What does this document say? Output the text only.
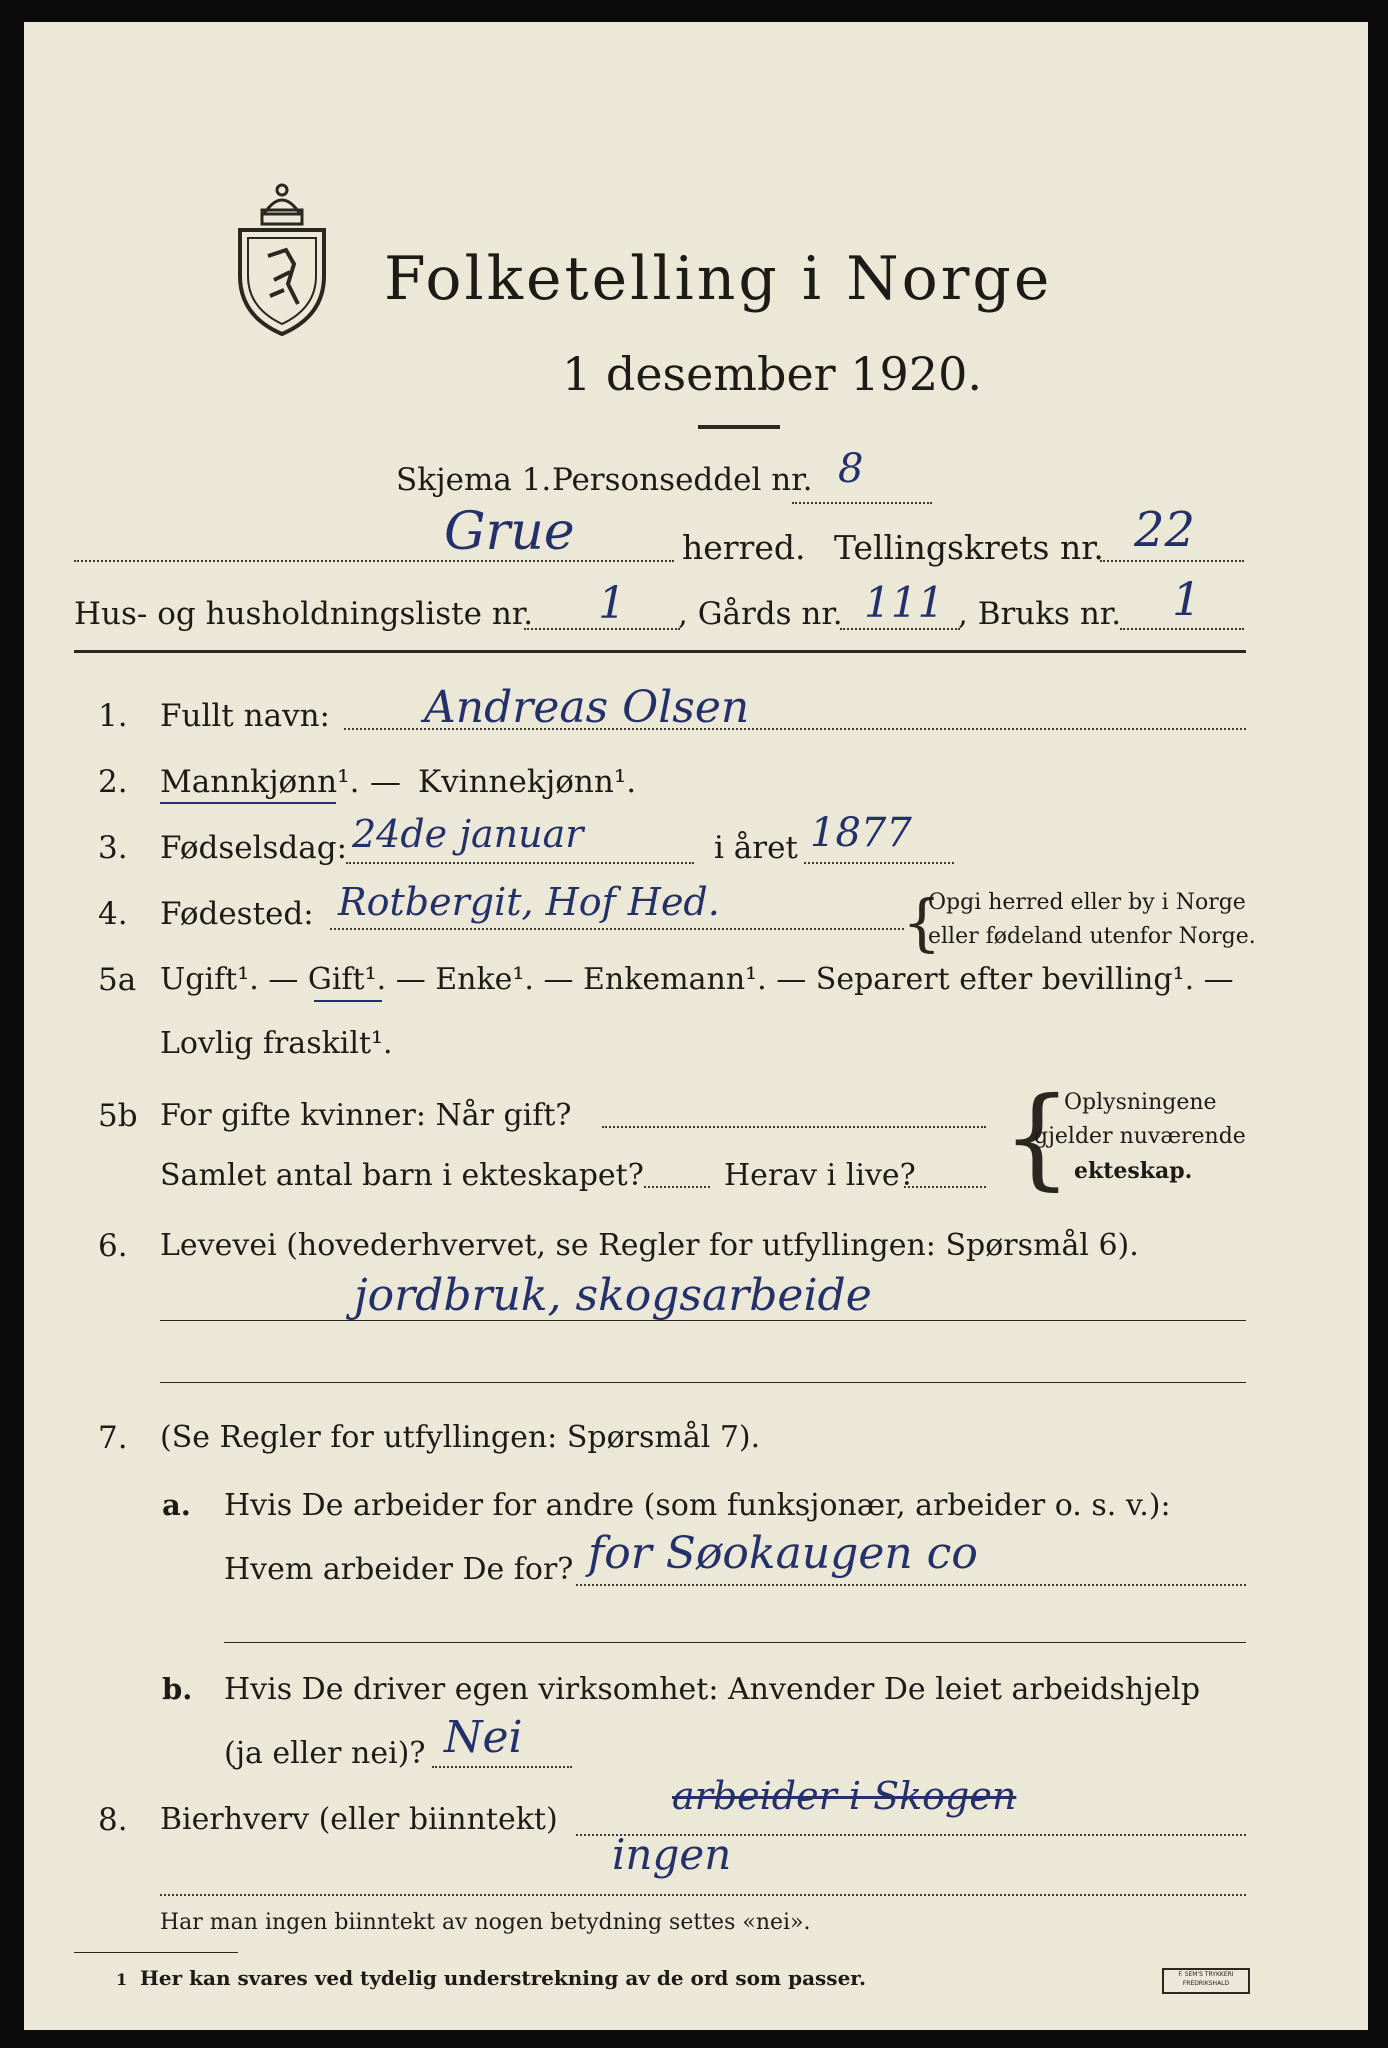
Folketelling i Norge
1 desember 1920.
Skjema 1. Personseddel nr. 8
Grue	herred. Tellingskrets nr. 22
Hus- og husholdningsliste nr. 1 , Gårds nr. 111 , Bruks nr. 1
1. Fullt navn: Andreas Olsen
2. Mannkjønn¹. — Kvinnekjønn¹.
3. Fødselsdag: 24de januar	i året 1877
4. Fødested: Rotbergit, Hof Hed.	{
Opgi herred eller by i Norge
eller fødeland utenfor Norge.
5a Ugift¹. — Gift¹. — Enke¹. — Enkemann¹. — Separert efter bevilling¹. —
Lovlig fraskilt¹.
5b For gifte kvinner: Når gift?
Samlet antal barn i ekteskapet?	Herav i live? {
Oplysningene
gjelder nuværende
ekteskap.
6. Levevei (hovederhvervet, se Regler for utfyllingen: Spørsmål 6).
jordbruk, skogsarbeide
7. (Se Regler for utfyllingen: Spørsmål 7).
a. Hvis De arbeider for andre (som funksjonær, arbeider o. s. v.):
Hvem arbeider De for? for Søokaugen co
b. Hvis De driver egen virksomhet: Anvender De leiet arbeidshjelp
(ja eller nei)? Nei
8. Bierhverv (eller biinntekt)
arbeider i Skogen
ingen
Har man ingen biinntekt av nogen betydning settes «nei».
1 Her kan svares ved tydelig understrekning av de ord som passer.	F. SEM'S TRYKKERI FREDRIKSHALD
